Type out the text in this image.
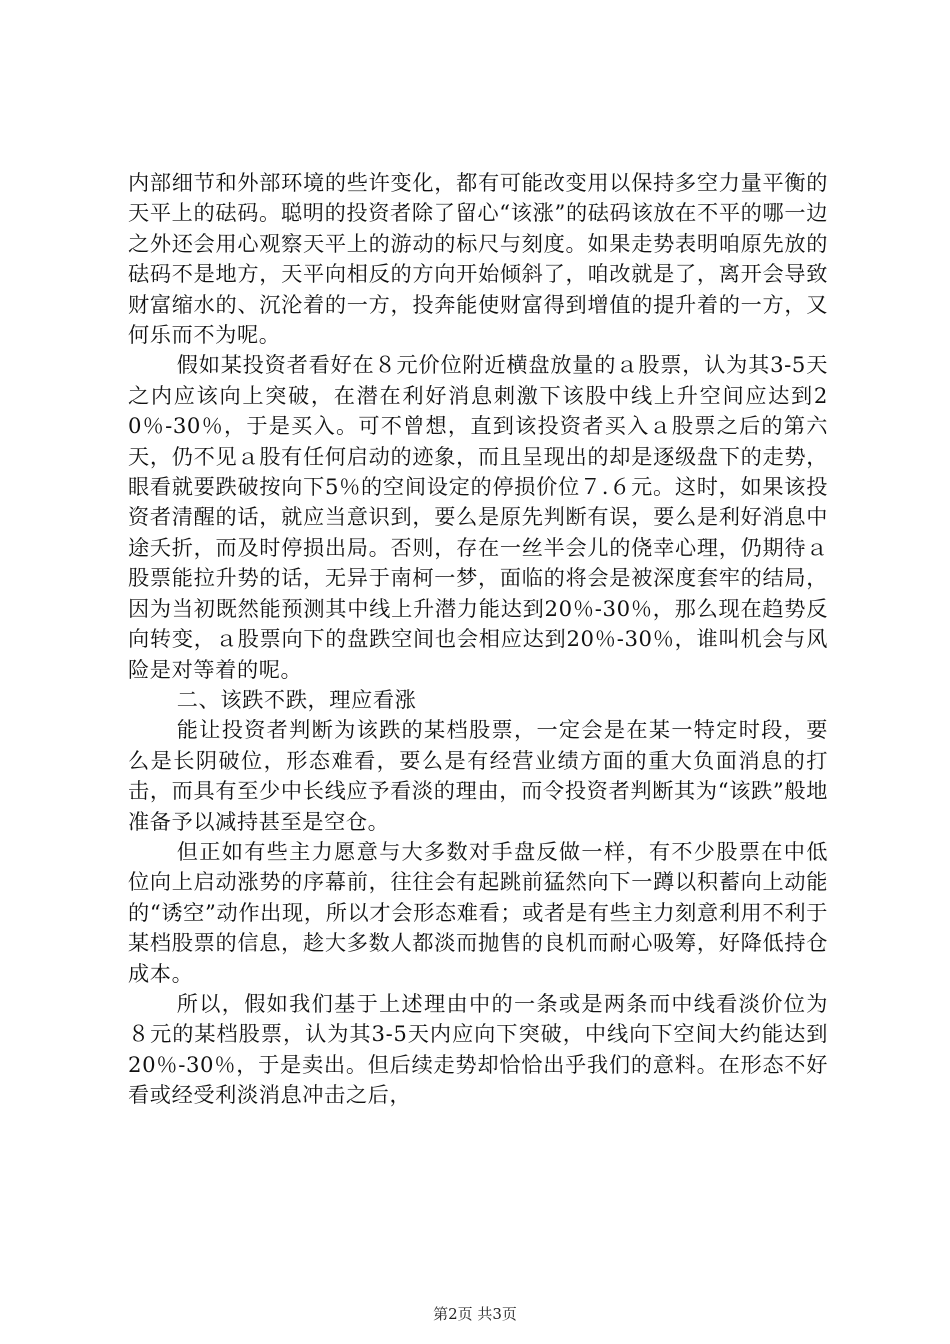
内部细节和外部环境的些许变化，都有可能改变用以保持多空力量平衡的天平上的砝码。聪明的投资者除了留心“该涨”的砝码该放在不平的哪一边之外还会用心观察天平上的游动的标尺与刻度。如果走势表明咱原先放的砝码不是地方，天平向相反的方向开始倾斜了，咱改就是了，离开会导致财富缩水的、沉沦着的一方，投奔能使财富得到增值的提升着的一方，又何乐而不为呢。

假如某投资者看好在８元价位附近横盘放量的ａ股票，认为其3-5天之内应该向上突破，在潜在利好消息刺激下该股中线上升空间应达到20％-30％，于是买入。可不曾想，直到该投资者买入ａ股票之后的第六天，仍不见ａ股有任何启动的迹象，而且呈现出的却是逐级盘下的走势，眼看就要跌破按向下5％的空间设定的停损价位７.６元。这时，如果该投资者清醒的话，就应当意识到，要么是原先判断有误，要么是利好消息中途夭折，而及时停损出局。否则，存在一丝半会儿的侥幸心理，仍期待ａ股票能拉升势的话，无异于南柯一梦，面临的将会是被深度套牢的结局，因为当初既然能预测其中线上升潜力能达到20％-30％，那么现在趋势反向转变，ａ股票向下的盘跌空间也会相应达到20％-30％，谁叫机会与风险是对等着的呢。

二、该跌不跌，理应看涨

能让投资者判断为该跌的某档股票，一定会是在某一特定时段，要么是长阴破位，形态难看，要么是有经营业绩方面的重大负面消息的打击，而具有至少中长线应予看淡的理由，而令投资者判断其为“该跌”般地准备予以减持甚至是空仓。

但正如有些主力愿意与大多数对手盘反做一样，有不少股票在中低位向上启动涨势的序幕前，往往会有起跳前猛然向下一蹲以积蓄向上动能的“诱空”动作出现，所以才会形态难看；或者是有些主力刻意利用不利于某档股票的信息，趁大多数人都淡而抛售的良机而耐心吸筹，好降低持仓成本。

所以，假如我们基于上述理由中的一条或是两条而中线看淡价位为８元的某档股票，认为其3-5天内应向下突破，中线向下空间大约能达到20％-30％，于是卖出。但后续走势却恰恰出乎我们的意料。在形态不好看或经受利淡消息冲击之后，

第2页 共3页
